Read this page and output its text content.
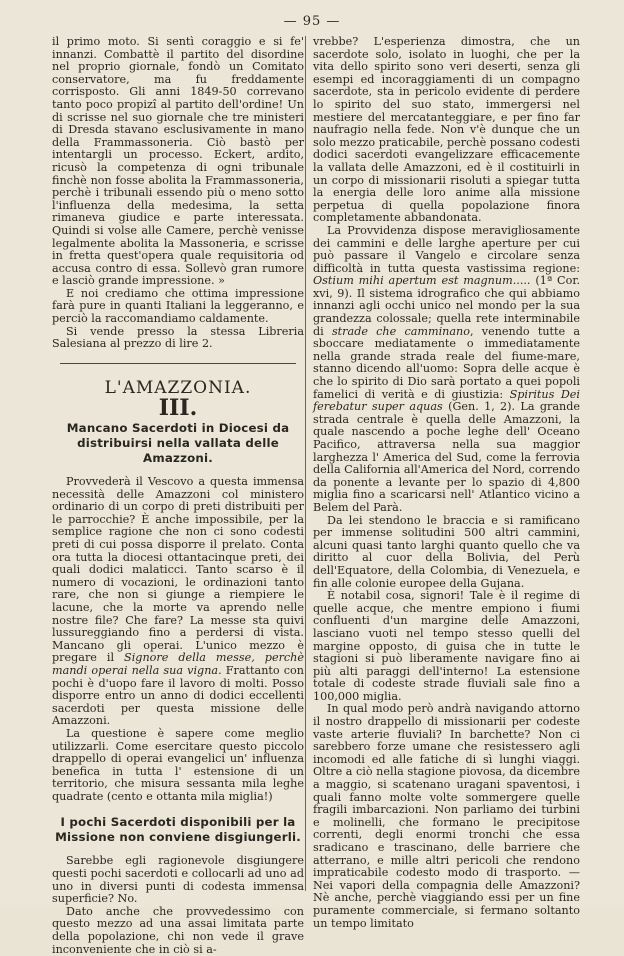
— 95 —

il primo moto. Si sentì coraggio e si fe' innanzi. Combattè il partito del disordine nel proprio giornale, fondò un Comitato conservatore, ma fu freddamente corrisposto. Gli anni 1849-50 correvano tanto poco propizî al partito dell'ordine! Un di scrisse nel suo giornale che tre ministeri di Dresda stavano esclusivamente in mano della Frammassoneria. Ciò bastò per intentargli un processo. Eckert, ardito, ricusò la competenza di ogni tribunale finchè non fosse abolita la Frammassoneria, perchè i tribunali essendo più o meno sotto l'influenza della medesima, la setta rimaneva giudice e parte interessata. Quindi si volse alle Camere, perchè venisse legalmente abolita la Massoneria, e scrisse in fretta quest'opera quale requisitoria od accusa contro di essa. Sollevò gran rumore e lasciò grande impressione. »

E noi crediamo che ottima impressione farà pure in quanti Italiani la leggeranno, e perciò la raccomandiamo caldamente.

Si vende presso la stessa Libreria Salesiana al prezzo di lire 2.

L'AMAZZONIA.
III.
Mancano Sacerdoti in Diocesi da distribuirsi nella vallata delle Amazzoni.

Provvederà il Vescovo a questa immensa necessità delle Amazzoni col ministero ordinario di un corpo di preti distribuiti per le parrocchie? È anche impossibile, per la semplice ragione che non ci sono codesti preti di cui possa disporre il prelato. Conta ora tutta la diocesi ottantacinque preti, dei quali dodici malaticci. Tanto scarso è il numero di vocazioni, le ordinazioni tanto rare, che non si giunge a riempiere le lacune, che la morte va aprendo nelle nostre file? Che fare? La messe sta quivi lussureggiando fino a perdersi di vista. Mancano gli operai. L'unico mezzo è pregare il Signore della messe, perchè mandi operai nella sua vigna. Frattanto con pochi è d'uopo fare il lavoro di molti. Posso disporre entro un anno di dodici eccellenti sacerdoti per questa missione delle Amazzoni.

La questione è sapere come meglio utilizzarli. Come esercitare questo piccolo drappello di operai evangelici un' influenza benefica in tutta l' estensione di un territorio, che misura sessanta mila leghe quadrate (cento e ottanta mila miglia!)

I pochi Sacerdoti disponibili per la Missione non conviene disgiungerli.

Sarebbe egli ragionevole disgiungere questi pochi sacerdoti e collocarli ad uno ad uno in diversi punti di codesta immensa superficie? No.

Dato anche che provvedessimo con questo mezzo ad una assai limitata parte della popolazione, chi non vede il grave inconveniente che in ciò si a-

vrebbe? L'esperienza dimostra, che un sacerdote solo, isolato in luoghi, che per la vita dello spirito sono veri deserti, senza gli esempi ed incoraggiamenti di un compagno sacerdote, sta in pericolo evidente di perdere lo spirito del suo stato, immergersi nel mestiere del mercatanteggiare, e per fino far naufragio nella fede. Non v'è dunque che un solo mezzo praticabile, perchè possano codesti dodici sacerdoti evangelizzare efficacemente la vallata delle Amazzoni, ed è il costituirli in un corpo di missionarii risoluti a spiegar tutta la energia delle loro anime alla missione perpetua di quella popolazione finora completamente abbandonata.

La Provvidenza dispose meravigliosamente dei cammini e delle larghe aperture per cui può passare il Vangelo e circolare senza difficoltà in tutta questa vastissima regione: Ostium mihi apertum est magnum..... (1ª Cor. xvi, 9). Il sistema idrografico che qui abbiamo innanzi agli occhi unico nel mondo per la sua grandezza colossale; quella rete interminabile di strade che camminano, venendo tutte a sboccare mediatamente o immediatamente nella grande strada reale del fiume-mare, stanno dicendo all'uomo: Sopra delle acque è che lo spirito di Dio sarà portato a quei popoli famelici di verità e di giustizia: Spiritus Dei ferebatur super aquas (Gen. 1, 2). La grande strada centrale è quella delle Amazzoni, la quale nascendo a poche leghe dell' Oceano Pacifico, attraversa nella sua maggior larghezza l' America del Sud, come la ferrovia della California all'America del Nord, correndo da ponente a levante per lo spazio di 4,800 miglia fino a scaricarsi nell' Atlantico vicino a Belem del Parà.

Da lei stendono le braccia e si ramificano per immense solitudini 500 altri cammini, alcuni quasi tanto larghi quanto quello che va diritto al cuor della Bolivia, del Perù dell'Equatore, della Colombia, di Venezuela, e fin alle colonie europee della Gujana.

È notabil cosa, signori! Tale è il regime di quelle acque, che mentre empiono i fiumi confluenti d'un margine delle Amazzoni, lasciano vuoti nel tempo stesso quelli del margine opposto, di guisa che in tutte le stagioni si può liberamente navigare fino ai più alti paraggi dell'interno! La estensione totale di codeste strade fluviali sale fino a 100,000 miglia.

In qual modo però andrà navigando attorno il nostro drappello di missionarii per codeste vaste arterie fluviali? In barchette? Non ci sarebbero forze umane che resistessero agli incomodi ed alle fatiche di sì lunghi viaggi. Oltre a ciò nella stagione piovosa, da dicembre a maggio, si scatenano uragani spaventosi, i quali fanno molte volte sommergere quelle fragili imbarcazioni. Non parliamo dei turbini e molinelli, che formano le precipitose correnti, degli enormi tronchi che essa sradicano e trascinano, delle barriere che atterrano, e mille altri pericoli che rendono impraticabile codesto modo di trasporto. — Nei vapori della compagnia delle Amazzoni? Nè anche, perchè viaggiando essi per un fine puramente commerciale, si fermano soltanto un tempo limitato
